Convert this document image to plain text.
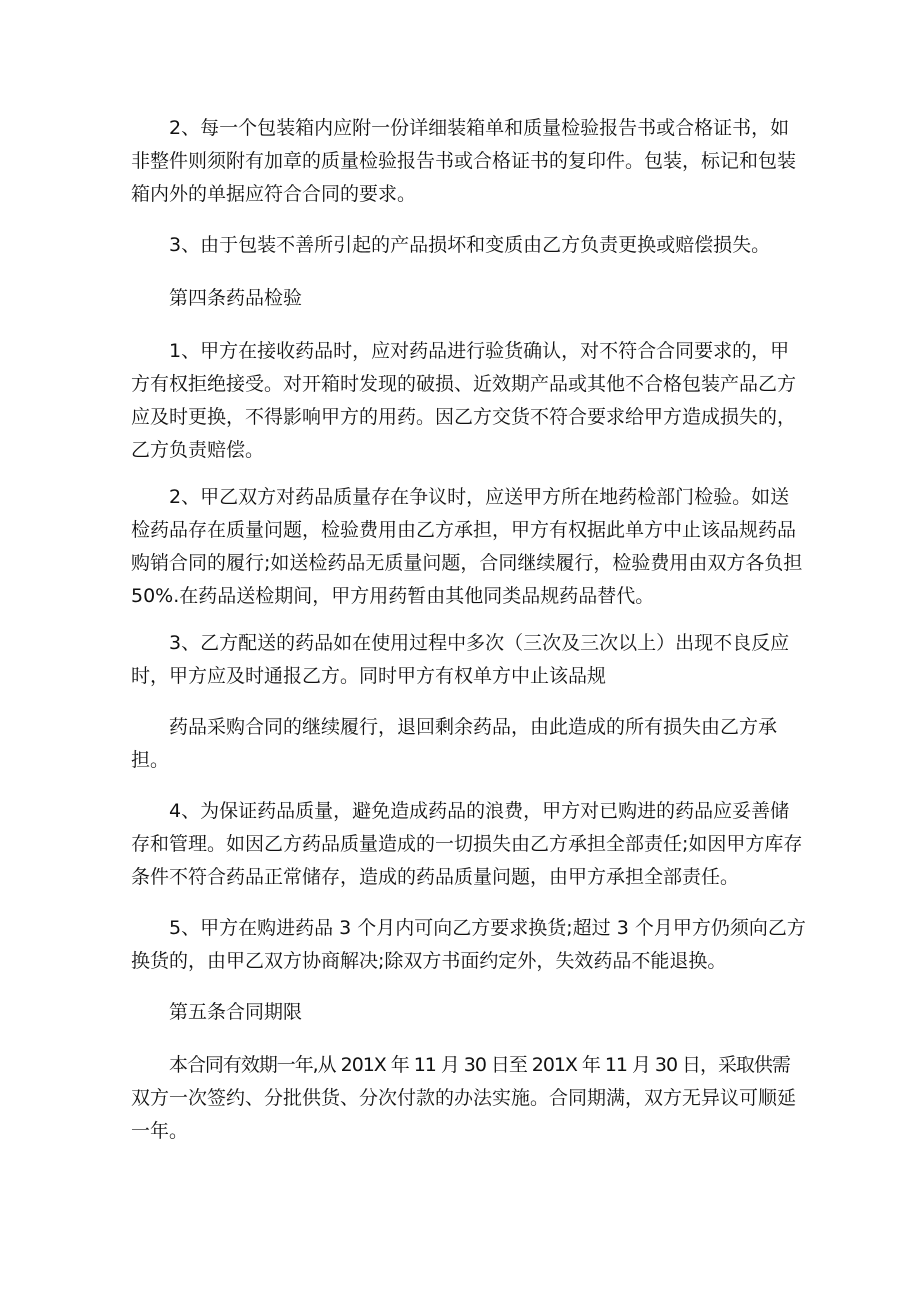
2、每一个包装箱内应附一份详细装箱单和质量检验报告书或合格证书，如
非整件则须附有加章的质量检验报告书或合格证书的复印件。包装，标记和包装
箱内外的单据应符合合同的要求。
3、由于包装不善所引起的产品损坏和变质由乙方负责更换或赔偿损失。
第四条药品检验
1、甲方在接收药品时，应对药品进行验货确认，对不符合合同要求的，甲
方有权拒绝接受。对开箱时发现的破损、近效期产品或其他不合格包装产品乙方
应及时更换，不得影响甲方的用药。因乙方交货不符合要求给甲方造成损失的，
乙方负责赔偿。
2、甲乙双方对药品质量存在争议时，应送甲方所在地药检部门检验。如送
检药品存在质量问题，检验费用由乙方承担，甲方有权据此单方中止该品规药品
购销合同的履行;如送检药品无质量问题，合同继续履行，检验费用由双方各负担
50%.在药品送检期间，甲方用药暂由其他同类品规药品替代。
3、乙方配送的药品如在使用过程中多次（三次及三次以上）出现不良反应
时，甲方应及时通报乙方。同时甲方有权单方中止该品规
药品采购合同的继续履行，退回剩余药品，由此造成的所有损失由乙方承
担。
4、为保证药品质量，避免造成药品的浪费，甲方对已购进的药品应妥善储
存和管理。如因乙方药品质量造成的一切损失由乙方承担全部责任;如因甲方库存
条件不符合药品正常储存，造成的药品质量问题，由甲方承担全部责任。
5、甲方在购进药品 3 个月内可向乙方要求换货;超过 3 个月甲方仍须向乙方
换货的，由甲乙双方协商解决;除双方书面约定外，失效药品不能退换。
第五条合同期限
本合同有效期一年,从 201X 年 11 月 30 日至 201X 年 11 月 30 日，采取供需
双方一次签约、分批供货、分次付款的办法实施。合同期满，双方无异议可顺延
一年。
